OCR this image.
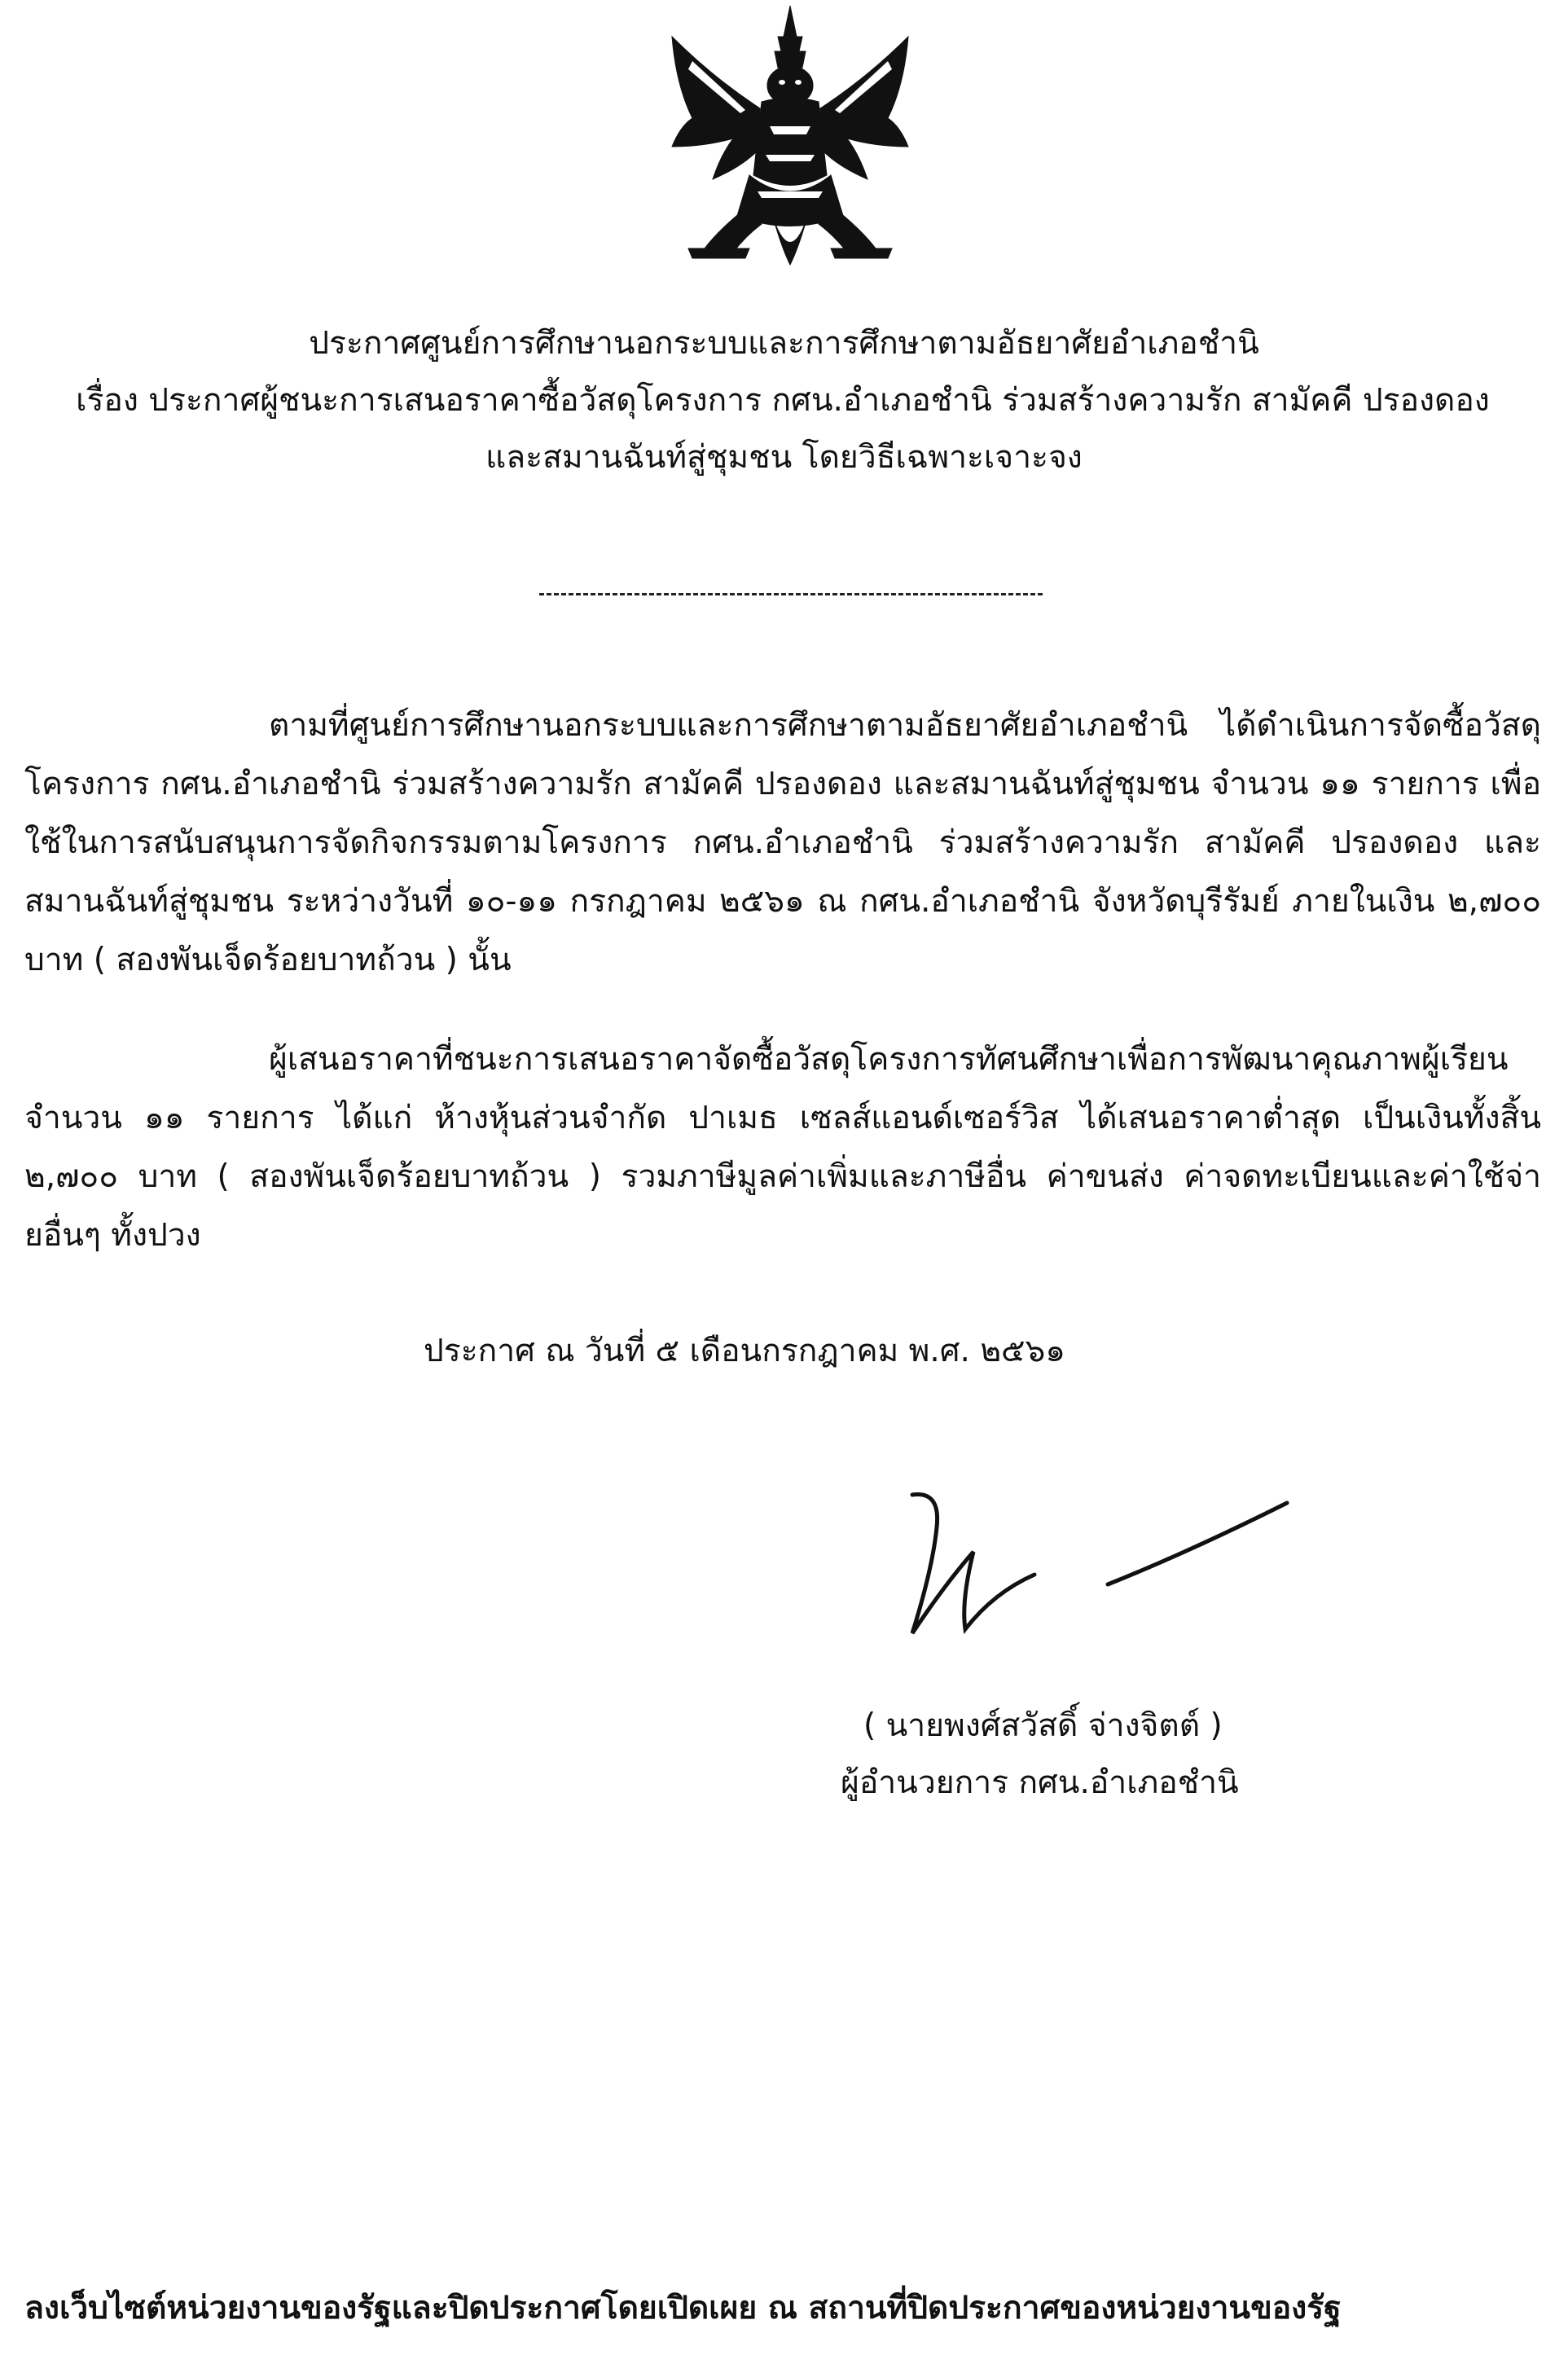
ประกาศศูนย์การศึกษานอกระบบและการศึกษาตามอัธยาศัยอำเภอชำนิ
เรื่อง ประกาศผู้ชนะการเสนอราคาซื้อวัสดุโครงการ กศน.อำเภอชำนิ ร่วมสร้างความรัก สามัคคี ปรองดอง
และสมานฉันท์สู่ชุมชน โดยวิธีเฉพาะเจาะจง
ตามที่ศูนย์การศึกษานอกระบบและการศึกษาตามอัธยาศัยอำเภอชำนิ ได้ดำเนินการจัดซื้อวัสดุโครงการ กศน.อำเภอชำนิ ร่วมสร้างความรัก สามัคคี ปรองดอง และสมานฉันท์สู่ชุมชน จำนวน ๑๑ รายการ เพื่อใช้ในการสนับสนุนการจัดกิจกรรมตามโครงการ กศน.อำเภอชำนิ ร่วมสร้างความรัก สามัคคี ปรองดอง และสมานฉันท์สู่ชุมชน ระหว่างวันที่ ๑๐-๑๑ กรกฎาคม ๒๕๖๑ ณ กศน.อำเภอชำนิ จังหวัดบุรีรัมย์ ภายในเงิน ๒,๗๐๐ บาท ( สองพันเจ็ดร้อยบาทถ้วน ) นั้น
ผู้เสนอราคาที่ชนะการเสนอราคาจัดซื้อวัสดุโครงการทัศนศึกษาเพื่อการพัฒนาคุณภาพผู้เรียน จำนวน ๑๑ รายการ ได้แก่ ห้างหุ้นส่วนจำกัด ปาเมธ เซลส์แอนด์เซอร์วิส ได้เสนอราคาต่ำสุด เป็นเงินทั้งสิ้น ๒,๗๐๐ บาท ( สองพันเจ็ดร้อยบาทถ้วน ) รวมภาษีมูลค่าเพิ่มและภาษีอื่น ค่าขนส่ง ค่าจดทะเบียนและค่าใช้จ่ายอื่นๆ ทั้งปวง
ประกาศ ณ วันที่ ๕ เดือนกรกฎาคม พ.ศ. ๒๕๖๑
( นายพงศ์สวัสดิ์ จ่างจิตต์ )
ผู้อำนวยการ กศน.อำเภอชำนิ
ลงเว็บไซต์หน่วยงานของรัฐและปิดประกาศโดยเปิดเผย ณ สถานที่ปิดประกาศของหน่วยงานของรัฐ
